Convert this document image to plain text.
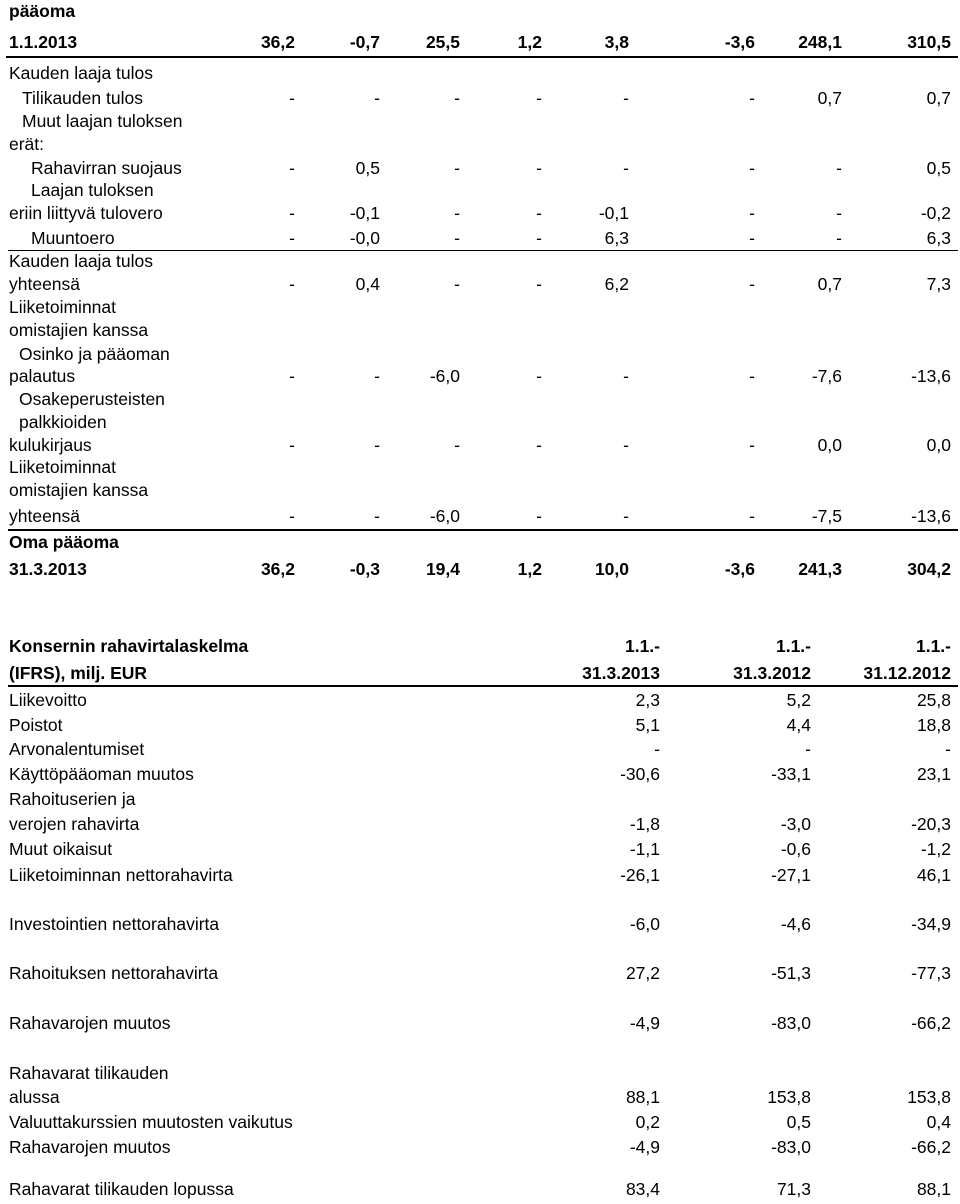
pääoma
1.1.2013	36,2	-0,7	25,5	1,2	3,8	-3,6 248,1	310,5
Kauden laaja tulos
Tilikauden tulos	-	-	-	-	-	-	0,7	0,7
Muut laajan tuloksen
erät:
Rahavirran suojaus	-	0,5	-	-	-	-	-	0,5
Laajan tuloksen
eriin liittyvä tulovero	-	-0,1	-	-	-0,1	-	-	-0,2
Muuntoero	-	-0,0	-	-	6,3	-	-	6,3
Kauden laaja tulos
yhteensä	-	0,4	-	-	6,2	-	0,7	7,3
Liiketoiminnat
omistajien kanssa
Osinko ja pääoman
palautus	-	-	-6,0	-	-	-	-7,6	-13,6
Osakeperusteisten
palkkioiden
kulukirjaus	-	-	-	-	-	-	0,0	0,0
Liiketoiminnat
omistajien kanssa
yhteensä	-	-	-6,0	-	-	-	-7,5	-13,6
Oma pääoma
31.3.2013	36,2	-0,3	19,4	1,2	10,0	-3,6 241,3	304,2
Konsernin rahavirtalaskelma	1.1.-	1.1.-	1.1.-
(IFRS), milj. EUR	31.3.2013	31.3.2012	31.12.2012
Liikevoitto	2,3	5,2	25,8
Poistot	5,1	4,4	18,8
Arvonalentumiset	-	-	-
Käyttöpääoman muutos	-30,6	-33,1	23,1
Rahoituserien ja
verojen rahavirta	-1,8	-3,0	-20,3
Muut oikaisut	-1,1	-0,6	-1,2
Liiketoiminnan nettorahavirta	-26,1	-27,1	46,1
Investointien nettorahavirta	-6,0	-4,6	-34,9
Rahoituksen nettorahavirta	27,2	-51,3	-77,3
Rahavarojen muutos	-4,9	-83,0	-66,2
Rahavarat tilikauden
alussa	88,1	153,8	153,8
Valuuttakurssien muutosten vaikutus	0,2	0,5	0,4
Rahavarojen muutos	-4,9	-83,0	-66,2
Rahavarat tilikauden lopussa	83,4	71,3	88,1
